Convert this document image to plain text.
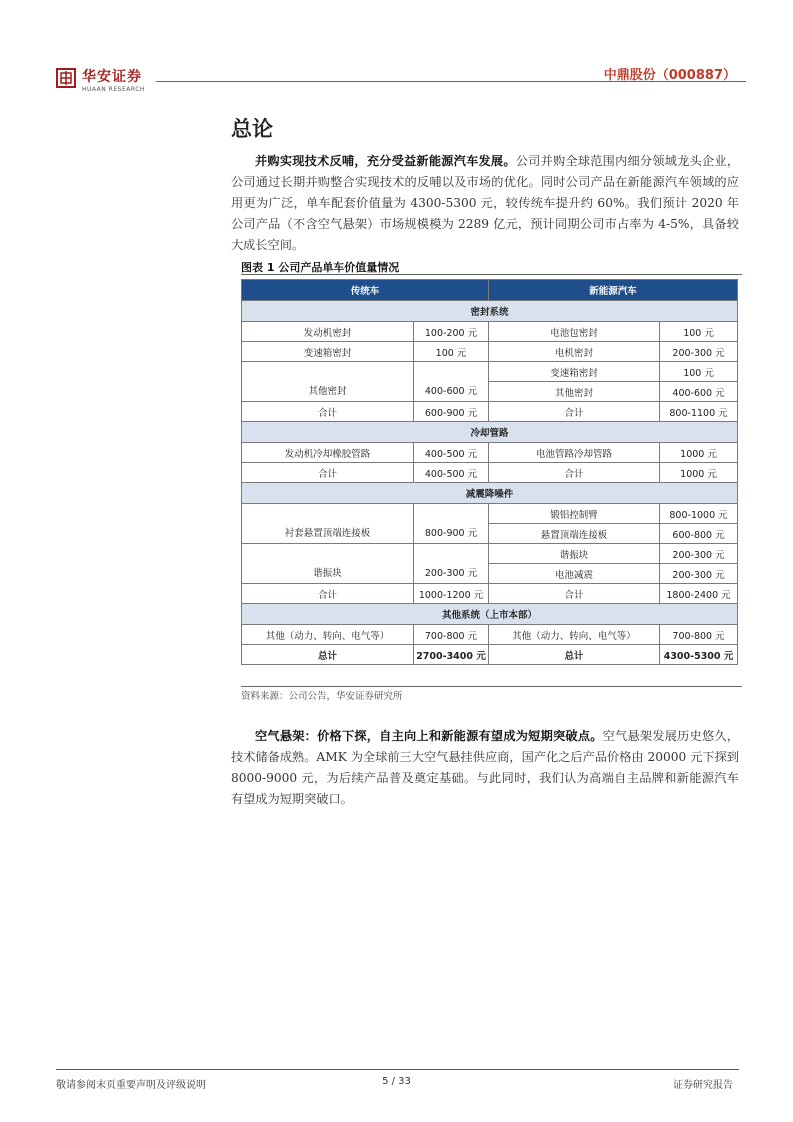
华安证券
HUAAN RESEARCH
中鼎股份（000887）
总论
并购实现技术反哺，充分受益新能源汽车发展。公司并购全球范围内细分领域龙头企业，公司通过长期并购整合实现技术的反哺以及市场的优化。同时公司产品在新能源汽车领域的应用更为广泛，单车配套价值量为 4300-5300 元，较传统车提升约 60%。我们预计 2020 年公司产品（不含空气悬架）市场规模模为 2289 亿元，预计同期公司市占率为 4-5%，具备较大成长空间。
图表 1 公司产品单车价值量情况
传统车		新能源汽车	
密封系统			
发动机密封	100-200 元	电池包密封	100 元
变速箱密封	100 元	电机密封	200-300 元
其他密封	400-600 元	变速箱密封	100 元
		其他密封	400-600 元
合计	600-900 元	合计	800-1100 元
冷却管路			
发动机冷却橡胶管路	400-500 元	电池管路冷却管路	1000 元
合计	400-500 元	合计	1000 元
减震降噪件			
衬套悬置顶端连接板	800-900 元	锻铝控制臂	800-1000 元
		悬置顶端连接板	600-800 元
谐振块	200-300 元	谐振块	200-300 元
		电池减震	200-300 元
合计	1000-1200 元	合计	1800-2400 元
其他系统（上市本部）			
其他（动力、转向、电气等）	700-800 元	其他（动力、转向、电气等）	700-800 元
总计	2700-3400 元	总计	4300-5300 元
资料来源：公司公告，华安证券研究所
空气悬架：价格下探，自主向上和新能源有望成为短期突破点。空气悬架发展历史悠久，技术储备成熟。AMK 为全球前三大空气悬挂供应商，国产化之后产品价格由 20000 元下探到 8000-9000 元，为后续产品普及奠定基础。与此同时，我们认为高端自主品牌和新能源汽车有望成为短期突破口。
敬请参阅末页重要声明及评级说明	5 / 33	证券研究报告
